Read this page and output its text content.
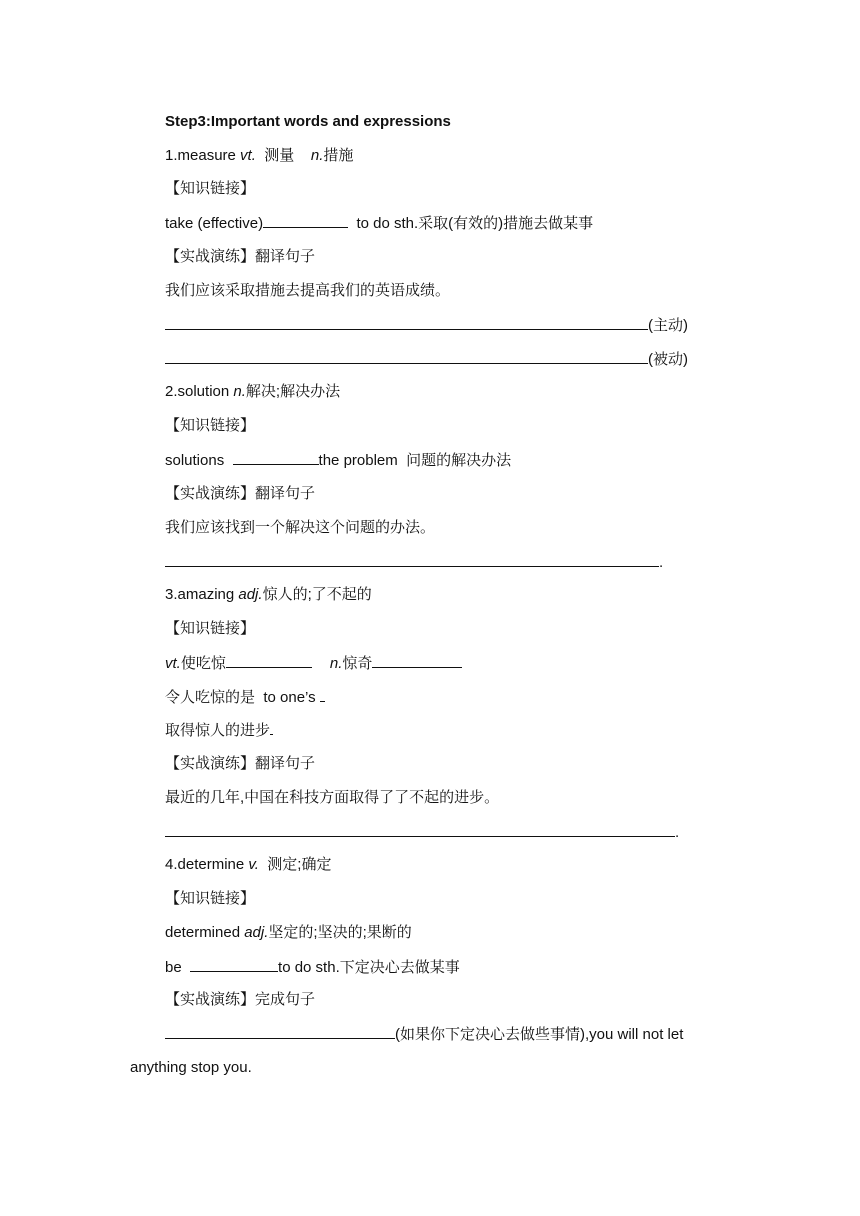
Step3:Important words and expressions
1.measure vt.  测量    n.措施
【知识链接】
take (effective)	to do sth.采取(有效的)措施去做某事
【实战演练】翻译句子
我们应该采取措施去提高我们的英语成绩。
(主动)
(被动)
2.solution n.解决;解决办法
【知识链接】
solutions	the problem  问题的解决办法
【实战演练】翻译句子
我们应该找到一个解决这个问题的办法。
.
3.amazing adj.惊人的;了不起的
【知识链接】
vt.使吃惊	n.惊奇
令人吃惊的是  to one’s
取得惊人的进步
【实战演练】翻译句子
最近的几年,中国在科技方面取得了了不起的进步。
.
4.determine v.  测定;确定
【知识链接】
determined adj.坚定的;坚决的;果断的
be	to do sth.下定决心去做某事
【实战演练】完成句子
(如果你下定决心去做些事情),you will not let
anything stop you.
